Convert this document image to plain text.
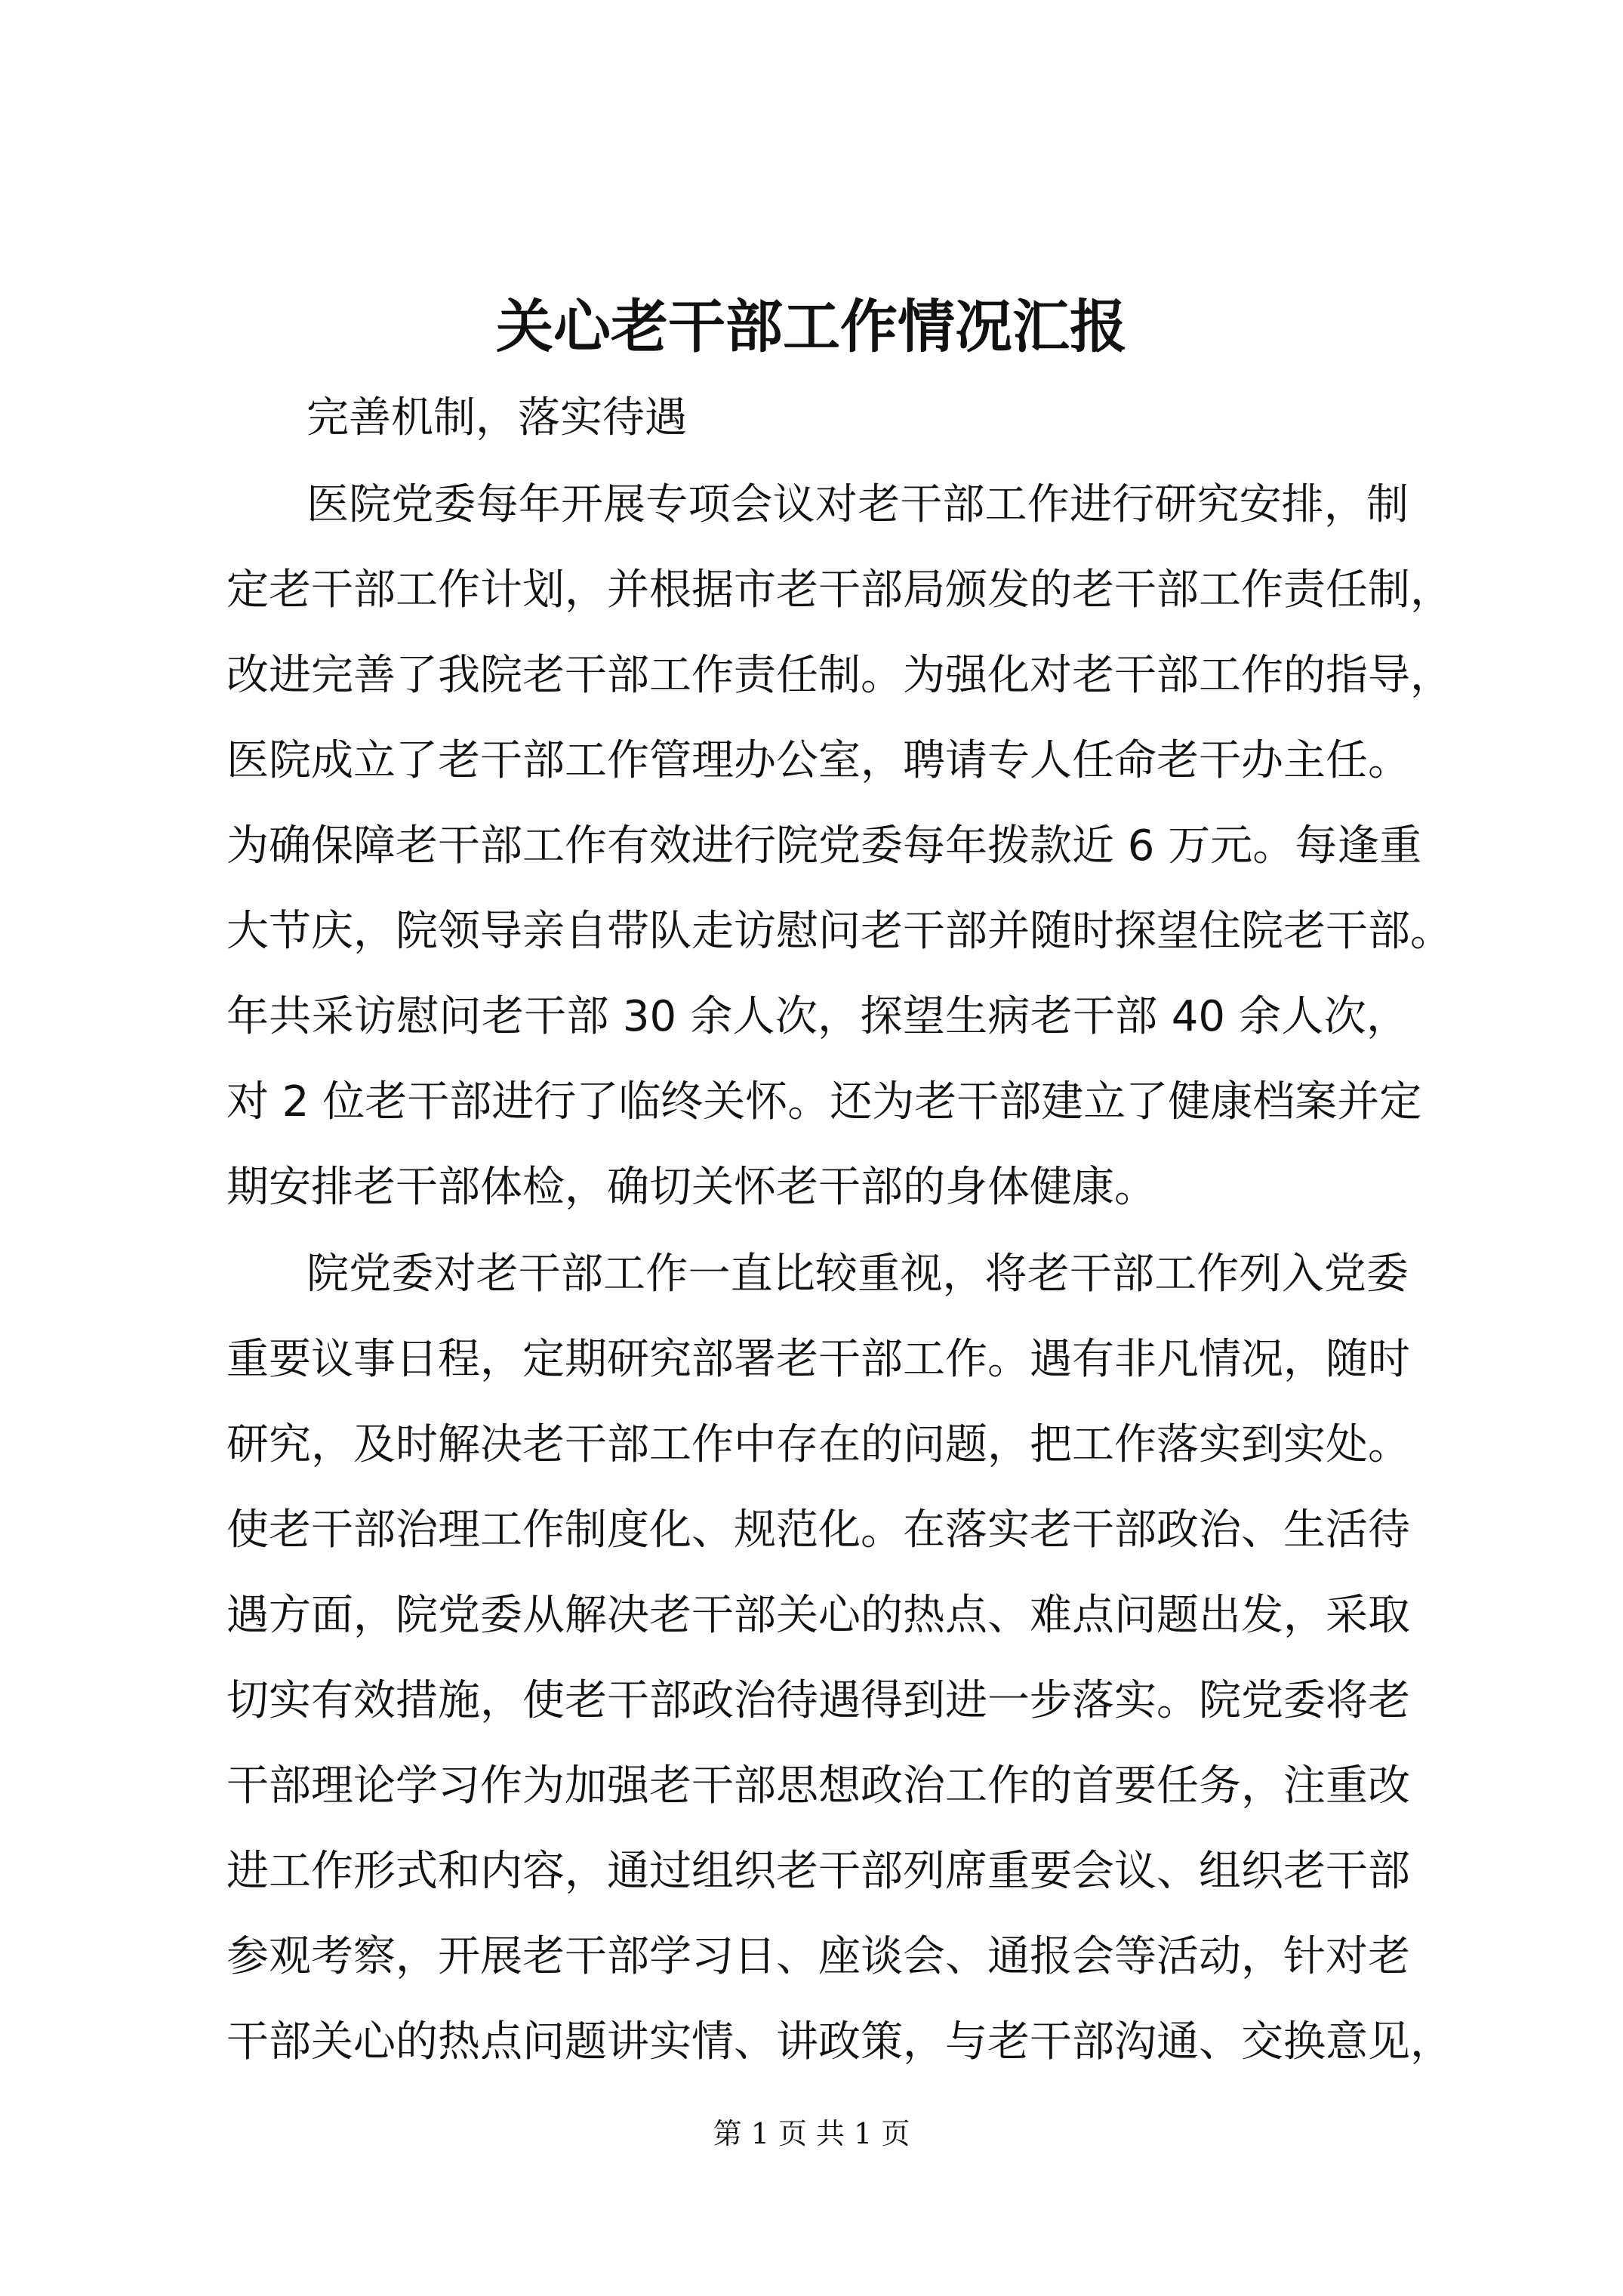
关心老干部工作情况汇报

完善机制，落实待遇

医院党委每年开展专项会议对老干部工作进行研究安排，制

定老干部工作计划，并根据市老干部局颁发的老干部工作责任制，

改进完善了我院老干部工作责任制。为强化对老干部工作的指导，

医院成立了老干部工作管理办公室，聘请专人任命老干办主任。

为确保障老干部工作有效进行院党委每年拨款近 6 万元。每逢重

大节庆，院领导亲自带队走访慰问老干部并随时探望住院老干部。

年共采访慰问老干部 30 余人次，探望生病老干部 40 余人次，

对 2 位老干部进行了临终关怀。还为老干部建立了健康档案并定

期安排老干部体检，确切关怀老干部的身体健康。

院党委对老干部工作一直比较重视，将老干部工作列入党委

重要议事日程，定期研究部署老干部工作。遇有非凡情况，随时

研究，及时解决老干部工作中存在的问题，把工作落实到实处。

使老干部治理工作制度化、规范化。在落实老干部政治、生活待

遇方面，院党委从解决老干部关心的热点、难点问题出发，采取

切实有效措施，使老干部政治待遇得到进一步落实。院党委将老

干部理论学习作为加强老干部思想政治工作的首要任务，注重改

进工作形式和内容，通过组织老干部列席重要会议、组织老干部

参观考察，开展老干部学习日、座谈会、通报会等活动，针对老

干部关心的热点问题讲实情、讲政策，与老干部沟通、交换意见，

第 1 页 共 1 页
